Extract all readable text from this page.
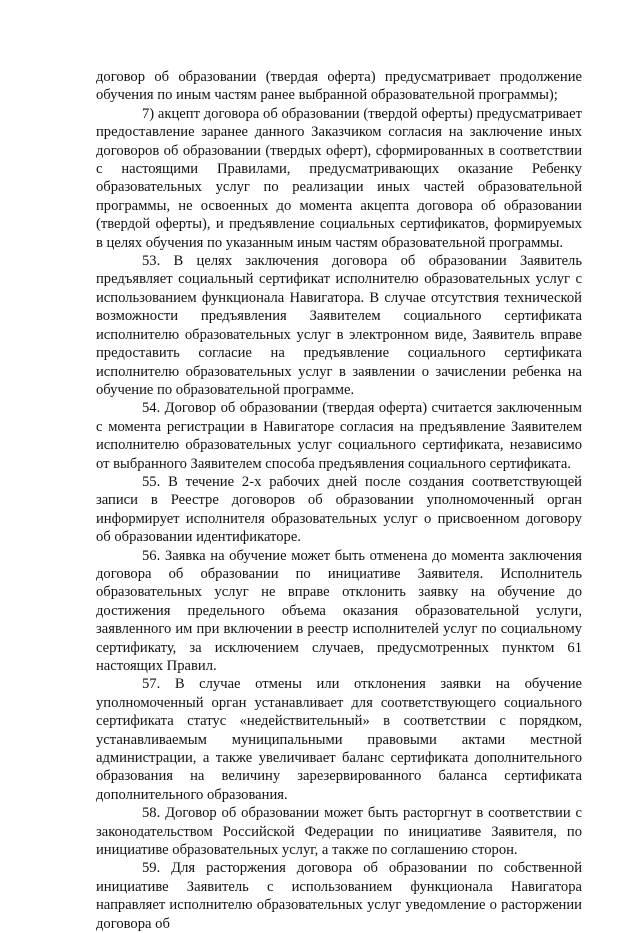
договор об образовании (твердая оферта) предусматривает продолжение обучения по иным частям ранее выбранной образовательной программы);

7) акцепт договора об образовании (твердой оферты) предусматривает предоставление заранее данного Заказчиком согласия на заключение иных договоров об образовании (твердых оферт), сформированных в соответствии с настоящими Правилами, предусматривающих оказание Ребенку образовательных услуг по реализации иных частей образовательной программы, не освоенных до момента акцепта договора об образовании (твердой оферты), и предъявление социальных сертификатов, формируемых в целях обучения по указанным иным частям образовательной программы.

53. В целях заключения договора об образовании Заявитель предъявляет социальный сертификат исполнителю образовательных услуг с использованием функционала Навигатора. В случае отсутствия технической возможности предъявления Заявителем социального сертификата исполнителю образовательных услуг в электронном виде, Заявитель вправе предоставить согласие на предъявление социального сертификата исполнителю образовательных услуг в заявлении о зачислении ребенка на обучение по образовательной программе.

54. Договор об образовании (твердая оферта) считается заключенным с момента регистрации в Навигаторе согласия на предъявление Заявителем исполнителю образовательных услуг социального сертификата, независимо от выбранного Заявителем способа предъявления социального сертификата.

55. В течение 2-х рабочих дней после создания соответствующей записи в Реестре договоров об образовании уполномоченный орган информирует исполнителя образовательных услуг о присвоенном договору об образовании идентификаторе.

56. Заявка на обучение может быть отменена до момента заключения договора об образовании по инициативе Заявителя. Исполнитель образовательных услуг не вправе отклонить заявку на обучение до достижения предельного объема оказания образовательной услуги, заявленного им при включении в реестр исполнителей услуг по социальному сертификату, за исключением случаев, предусмотренных пунктом 61 настоящих Правил.

57. В случае отмены или отклонения заявки на обучение уполномоченный орган устанавливает для соответствующего социального сертификата статус «недействительный» в соответствии с порядком, устанавливаемым муниципальными правовыми актами местной администрации, а также увеличивает баланс сертификата дополнительного образования на величину зарезервированного баланса сертификата дополнительного образования.

58. Договор об образовании может быть расторгнут в соответствии с законодательством Российской Федерации по инициативе Заявителя, по инициативе образовательных услуг, а также по соглашению сторон.

59. Для расторжения договора об образовании по собственной инициативе Заявитель с использованием функционала Навигатора направляет исполнителю образовательных услуг уведомление о расторжении договора об
